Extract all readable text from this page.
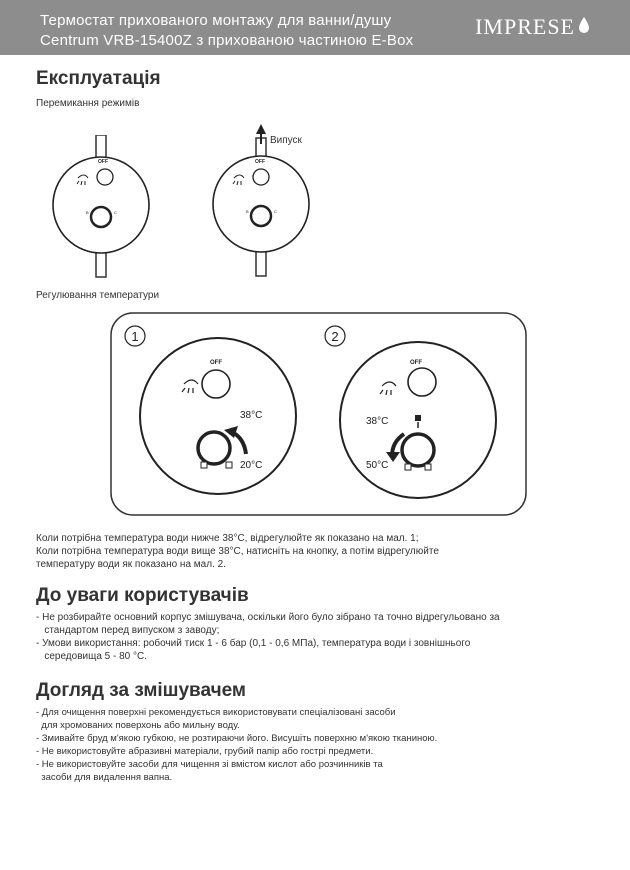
Термостат прихованого монтажу для ванни/душу
Centrum VRB-15400Z з прихованою частиною E-Box
IMPRESE
Експлуатація
Перемикання режимів
OFF
B	C
OFF
B	C
Випуск
Регулювання температури
1
OFF
38°C
20°C
2
OFF
38°C
50°C
Коли потрібна температура води нижче 38°С, відрегулюйте як показано на мал. 1;
Коли потрібна температура води вище 38°С, натисніть на кнопку, а потім відрегулюйте
температуру води як показано на мал. 2.
До уваги користувачів
- Не розбирайте основний корпус змішувача, оскільки його було зібрано та точно відрегульовано за
стандартом перед випуском з заводу;
- Умови використання: робочий тиск 1 - 6 бар (0,1 - 0,6 МПа), температура води і зовнішнього
середовища 5 - 80 °С.
Догляд за змішувачем
- Для очищення поверхні рекомендується використовувати спеціалізовані засоби
для хромованих поверхонь або мильну воду.
- Змивайте бруд м'якою губкою, не розтираючи його. Висушіть поверхню м'якою тканиною.
- Не використовуйте абразивні матеріали, грубий папір або гострі предмети.
- Не використовуйте засоби для чищення зі вмістом кислот або розчинників та
засоби для видалення вапна.
